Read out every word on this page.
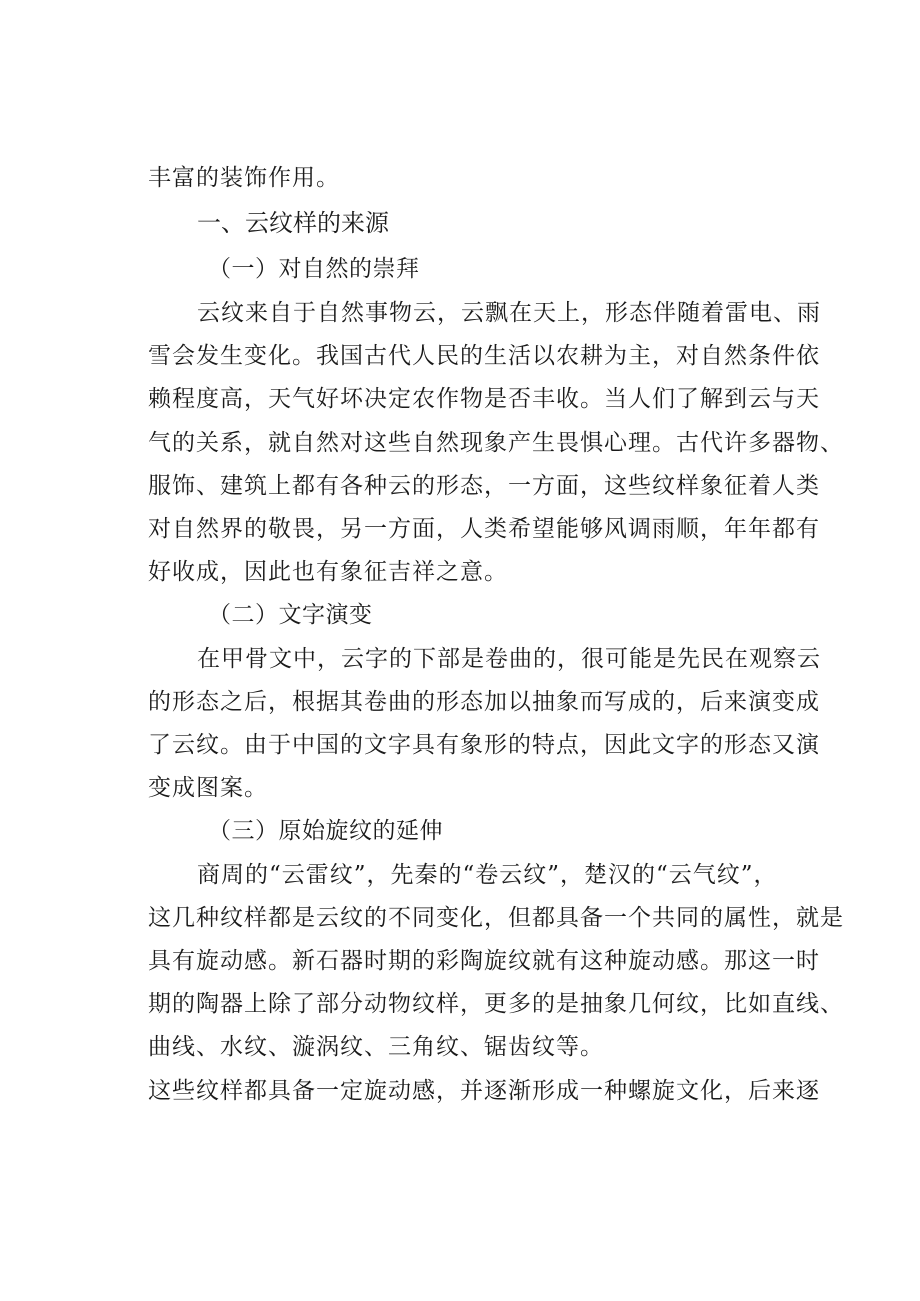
丰富的装饰作用。
一、云纹样的来源
（一）对自然的崇拜
云纹来自于自然事物云，云飘在天上，形态伴随着雷电、雨
雪会发生变化。我国古代人民的生活以农耕为主，对自然条件依
赖程度高，天气好坏决定农作物是否丰收。当人们了解到云与天
气的关系，就自然对这些自然现象产生畏惧心理。古代许多器物、
服饰、建筑上都有各种云的形态，一方面，这些纹样象征着人类
对自然界的敬畏，另一方面，人类希望能够风调雨顺，年年都有
好收成，因此也有象征吉祥之意。
（二）文字演变
在甲骨文中，云字的下部是卷曲的，很可能是先民在观察云
的形态之后，根据其卷曲的形态加以抽象而写成的，后来演变成
了云纹。由于中国的文字具有象形的特点，因此文字的形态又演
变成图案。
（三）原始旋纹的延伸
商周的“云雷纹”，先秦的“卷云纹”，楚汉的“云气纹”，
这几种纹样都是云纹的不同变化，但都具备一个共同的属性，就是
具有旋动感。新石器时期的彩陶旋纹就有这种旋动感。那这一时
期的陶器上除了部分动物纹样，更多的是抽象几何纹，比如直线、
曲线、水纹、漩涡纹、三角纹、锯齿纹等。
这些纹样都具备一定旋动感，并逐渐形成一种螺旋文化，后来逐
